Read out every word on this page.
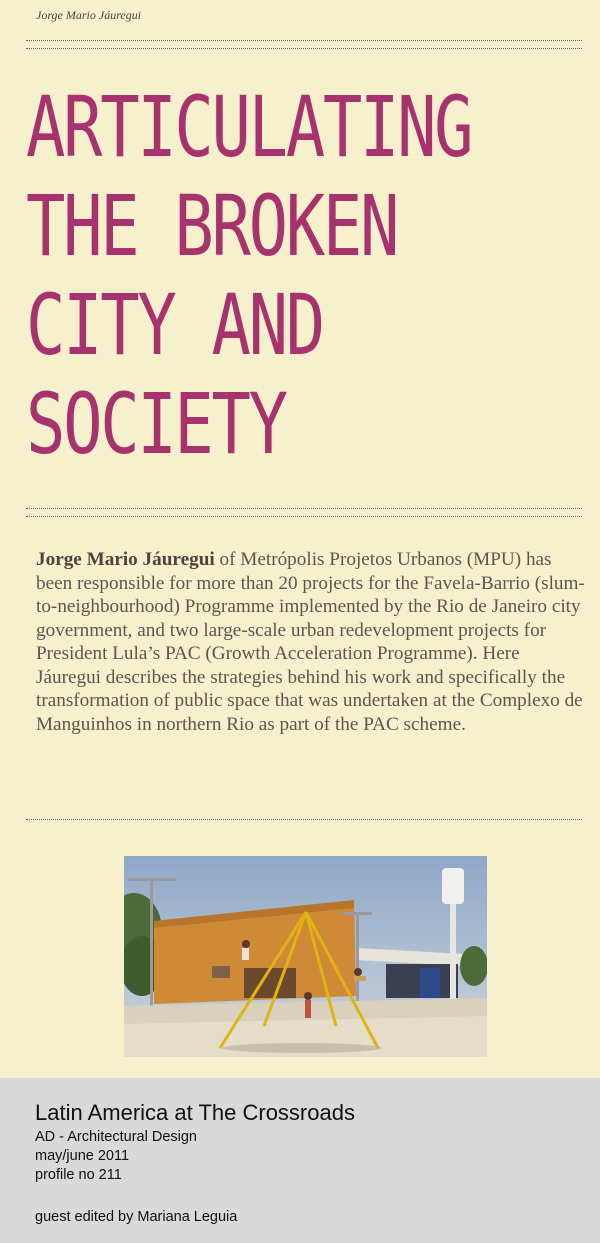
Jorge Mario Jáuregui
ARTICULATING
THE BROKEN
CITY AND
SOCIETY

Jorge Mario Jáuregui of Metrópolis Projetos Urbanos (MPU) has been responsible for more than 20 projects for the Favela-Barrio (slum-to-neighbourhood) Programme implemented by the Rio de Janeiro city government, and two large-scale urban redevelopment projects for President Lula’s PAC (Growth Acceleration Programme). Here Jáuregui describes the strategies behind his work and specifically the transformation of public space that was undertaken at the Complexo de Manguinhos in northern Rio as part of the PAC scheme.

Latin America at The Crossroads
AD - Architectural Design
may/june 2011
profile no 211
guest edited by Mariana Leguia
